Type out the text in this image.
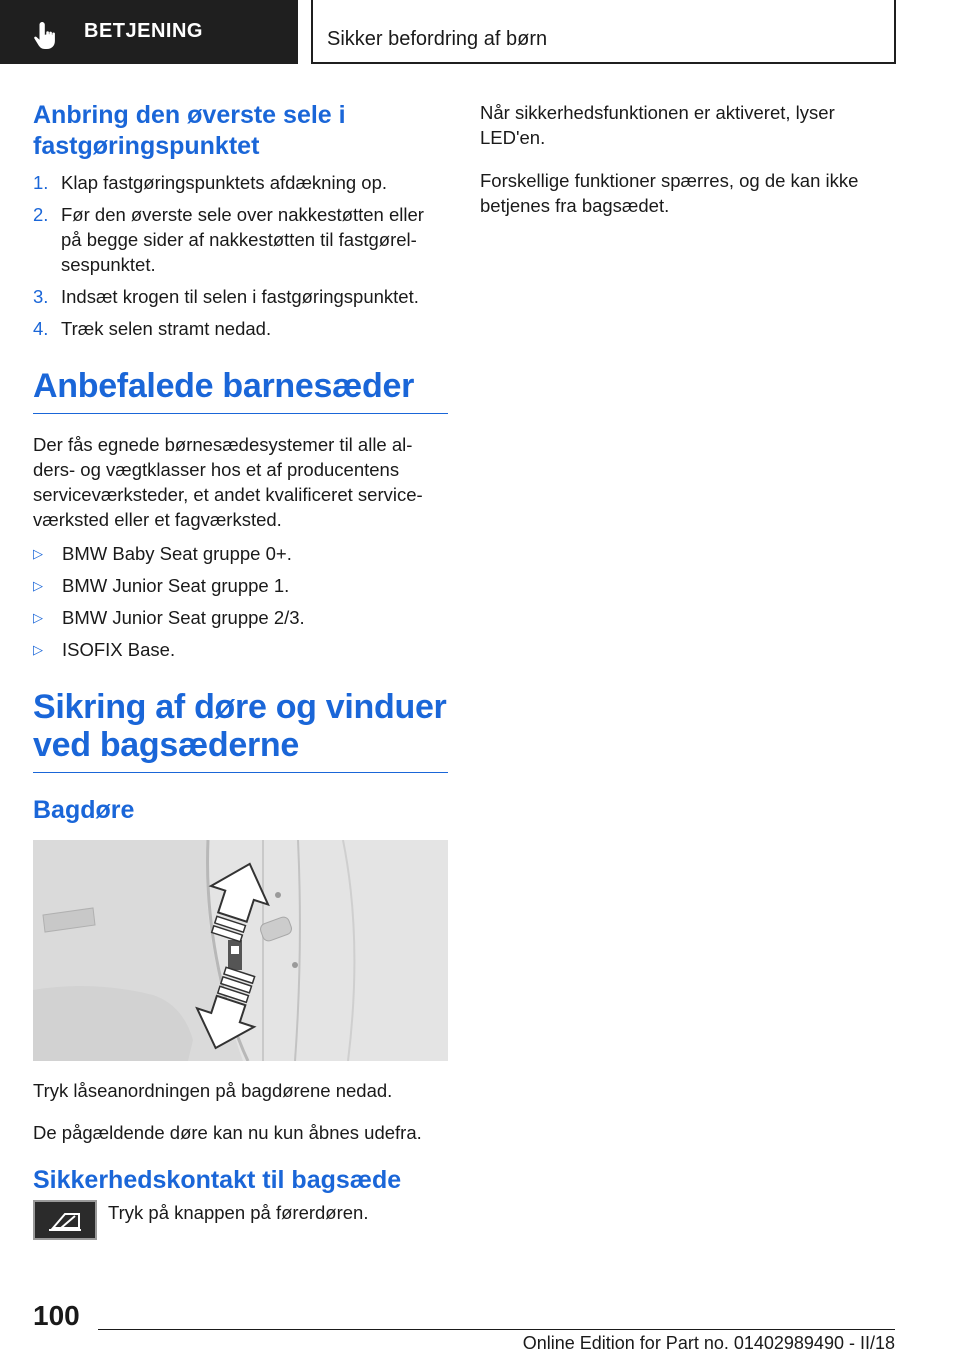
BETJENING	Sikker befordring af børn
Anbring den øverste sele i fastgøringspunktet
1. Klap fastgøringspunktets afdækning op.
2. Før den øverste sele over nakkestøtten eller på begge sider af nakkestøtten til fastgørel-sespunktet.
3. Indsæt krogen til selen i fastgøringspunktet.
4. Træk selen stramt nedad.
Anbefalede barnesæder
Der fås egnede børnesædesystemer til alle al-ders- og vægtklasser hos et af producentens serviceværksteder, et andet kvalificeret service-værksted eller et fagværksted.
▷	BMW Baby Seat gruppe 0+.
▷	BMW Junior Seat gruppe 1.
▷	BMW Junior Seat gruppe 2/3.
▷	ISOFIX Base.
Sikring af døre og vinduer ved bagsæderne
Bagdøre
Tryk låseanordningen på bagdørene nedad.
De pågældende døre kan nu kun åbnes udefra.
Sikkerhedskontakt til bagsæde
Tryk på knappen på førerdøren.
Når sikkerhedsfunktionen er aktiveret, lyser LED'en.
Forskellige funktioner spærres, og de kan ikke betjenes fra bagsædet.
100
Online Edition for Part no. 01402989490 - II/18
